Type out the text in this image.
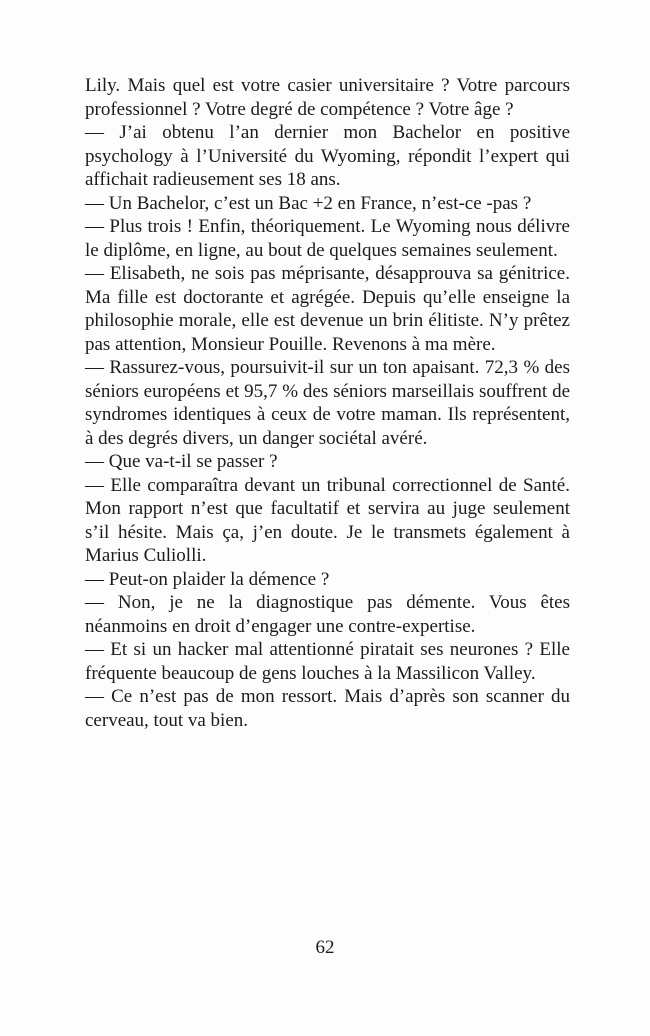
Lily. Mais quel est votre casier universitaire ? Votre parcours professionnel ? Votre degré de compétence ? Votre âge ?

— J’ai obtenu l’an dernier mon Bachelor en positive psychology à l’Université du Wyoming, répondit l’expert qui affichait radieusement ses 18 ans.

— Un Bachelor, c’est un Bac +2 en France, n’est-ce -pas ?

— Plus trois ! Enfin, théoriquement. Le Wyoming nous délivre le diplôme, en ligne, au bout de quelques semaines seulement.

— Elisabeth, ne sois pas méprisante, désapprouva sa génitrice. Ma fille est doctorante et agrégée. Depuis qu’elle enseigne la philosophie morale, elle est devenue un brin élitiste. N’y prêtez pas attention, Monsieur Pouille. Revenons à ma mère.

— Rassurez-vous, poursuivit-il sur un ton apaisant. 72,3 % des séniors européens et 95,7 % des séniors marseillais souffrent de syndromes identiques à ceux de votre maman. Ils représentent, à des degrés divers, un danger sociétal avéré.

— Que va-t-il se passer ?

— Elle comparaîtra devant un tribunal correctionnel de Santé. Mon rapport n’est que facultatif et servira au juge seulement s’il hésite. Mais ça, j’en doute. Je le transmets également à Marius Culiolli.

— Peut-on plaider la démence ?

— Non, je ne la diagnostique pas démente. Vous êtes néanmoins en droit d’engager une contre-expertise.

— Et si un hacker mal attentionné piratait ses neurones ? Elle fréquente beaucoup de gens louches à la Massilicon Valley.

— Ce n’est pas de mon ressort. Mais d’après son scanner du cerveau, tout va bien.

62
